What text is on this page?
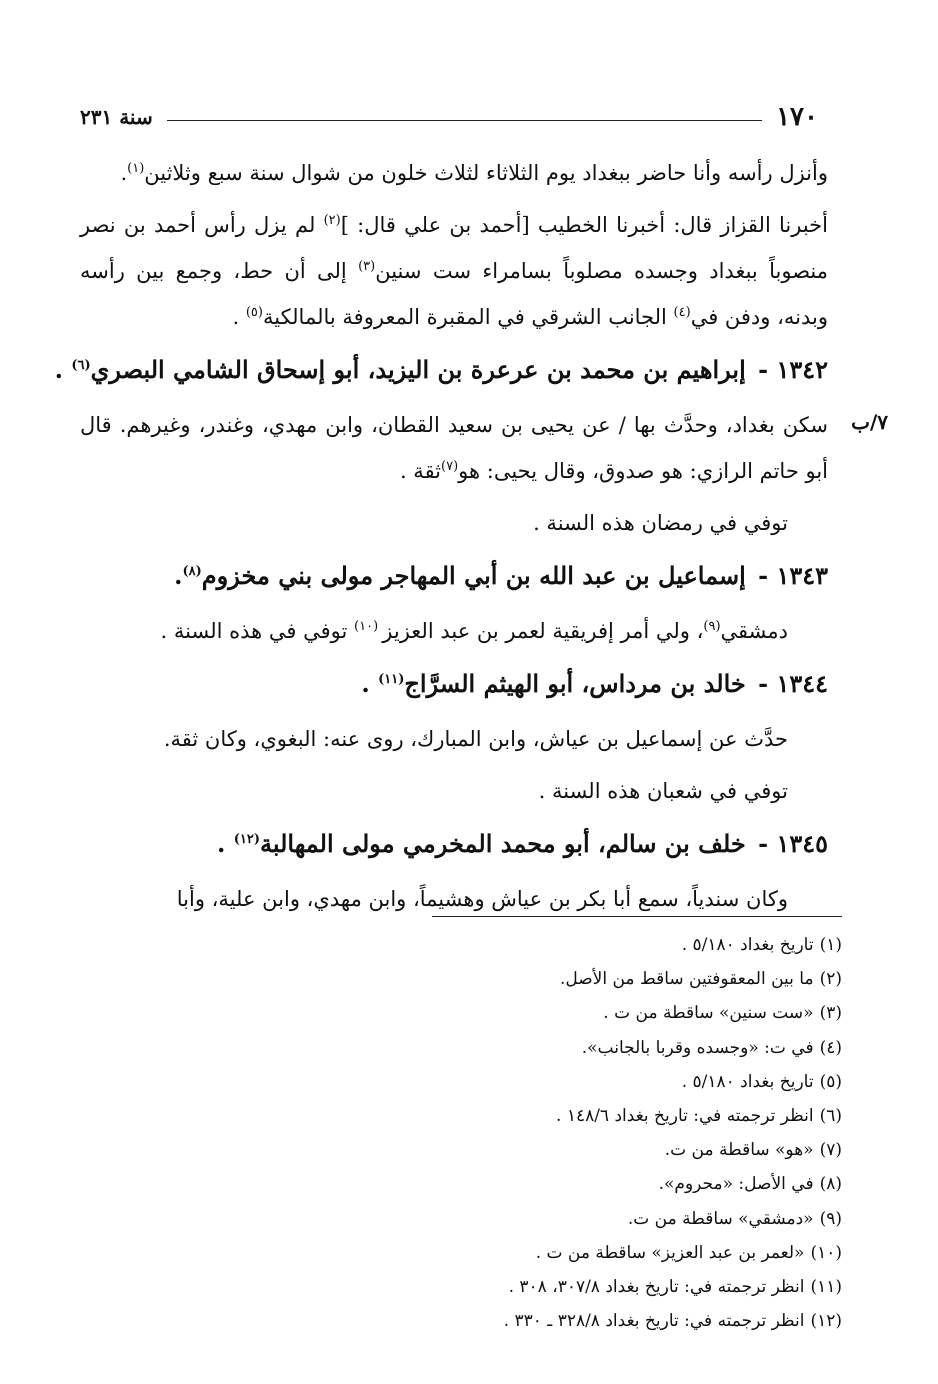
١٧٠
سنة ٢٣١
٧/ب

وأنزل رأسه وأنا حاضر ببغداد يوم الثلاثاء لثلاث خلون من شوال سنة سبع وثلاثين$^{(١)}$.

أخبرنا القزاز قال: أخبرنا الخطيب [أحمد بن علي قال: ]$^{(٢)}$ لم يزل رأس أحمد بن نصر منصوباً ببغداد وجسده مصلوباً بسامراء ست سنين$^{(٣)}$ إلى أن حط، وجمع بين رأسه وبدنه، ودفن في$^{(٤)}$ الجانب الشرقي في المقبرة المعروفة بالمالكية$^{(٥)}$ .

١٣٤٢ - إبراهيم بن محمد بن عرعرة بن اليزيد، أبو إسحاق الشامي البصري$^{(٦)}$ .

سكن بغداد، وحدَّث بها / عن يحيى بن سعيد القطان، وابن مهدي، وغندر، وغيرهم. قال أبو حاتم الرازي: هو صدوق، وقال يحيى: هو$^{(٧)}$ثقة .

توفي في رمضان هذه السنة .

١٣٤٣ - إسماعيل بن عبد الله بن أبي المهاجر مولى بني مخزوم$^{(٨)}$.

دمشقي$^{(٩)}$، ولي أمر إفريقية لعمر بن عبد العزيز $^{(١٠)}$ توفي في هذه السنة .

١٣٤٤ - خالد بن مرداس، أبو الهيثم السرَّاج$^{(١١)}$ .

حدَّث عن إسماعيل بن عياش، وابن المبارك، روى عنه: البغوي، وكان ثقة.

توفي في شعبان هذه السنة .

١٣٤٥ - خلف بن سالم، أبو محمد المخرمي مولى المهالبة$^{(١٢)}$ .

وكان سندياً، سمع أبا بكر بن عياش وهشيماً، وابن مهدي، وابن علية، وأبا

(١)تاريخ بغداد ٥/١٨٠ .

(٢)ما بين المعقوفتين ساقط من الأصل.

(٣)«ست سنين» ساقطة من ت .

(٤)في ت: «وجسده وقربا بالجانب».

(٥)تاريخ بغداد ٥/١٨٠ .

(٦)انظر ترجمته في: تاريخ بغداد ١٤٨/٦ .

(٧)«هو» ساقطة من ت.

(٨)في الأصل: «محروم».

(٩)«دمشقي» ساقطة من ت.

(١٠)«لعمر بن عبد العزيز» ساقطة من ت .

(١١)انظر ترجمته في: تاريخ بغداد ٣٠٧/٨، ٣٠٨ .

(١٢)انظر ترجمته في: تاريخ بغداد ٣٢٨/٨ ـ ٣٣٠ .
